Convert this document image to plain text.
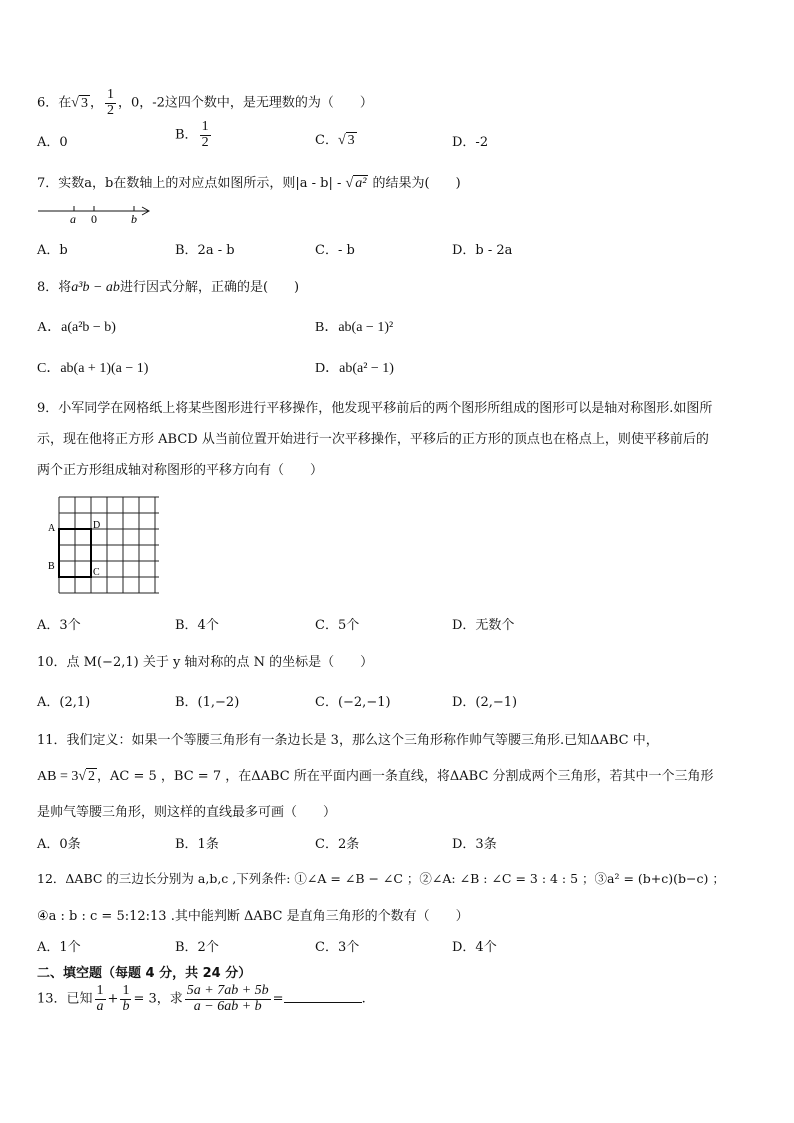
6．在√ 3 ， $\frac{1}{2}$ ，0，-2这四个数中，是无理数的为（　　）
A．0	B． $\frac{1}{2}$	C．√ 3	D．-2
7．实数a，b在数轴上的对应点如图所示，则|a - b| - √ a² 的结果为(　　)
a 0	b
A．b	B．2a - b	C．- b	D．b - 2a
8．将a³b − ab进行因式分解，正确的是(　　)
A．a(a²b − b)	B．ab(a − 1)²
C．ab(a + 1)(a − 1)	D．ab(a² − 1)
9．小军同学在网格纸上将某些图形进行平移操作，他发现平移前后的两个图形所组成的图形可以是轴对称图形.如图所
示，现在他将正方形 ABCD 从当前位置开始进行一次平移操作，平移后的正方形的顶点也在格点上，则使平移前后的
两个正方形组成轴对称图形的平移方向有（　　）
A	D
B
C
A．3个	B．4个	C．5个	D．无数个
10．点 M(−2,1) 关于 y 轴对称的点 N 的坐标是（　　）
A．(2,1)	B．(1,−2)	C．(−2,−1)	D．(2,−1)
11．我们定义：如果一个等腰三角形有一条边长是 3，那么这个三角形称作帅气等腰三角形.已知ΔABC 中，
AB = 3√ 2 ，AC = 5 ，BC = 7 ，在ΔABC 所在平面内画一条直线，将ΔABC 分割成两个三角形，若其中一个三角形
是帅气等腰三角形，则这样的直线最多可画（　　）
A．0条	B．1条	C．2条	D．3条
12．ΔABC 的三边长分别为 a,b,c ,下列条件: ①∠A = ∠B − ∠C ；②∠A: ∠B : ∠C = 3 : 4 : 5 ；③a² = (b+c)(b−c) ；
④a : b : c = 5:12:13 .其中能判断 ΔABC 是直角三角形的个数有（　　）
A．1个	B．2个	C．3个	D．4个
二、填空题（每题 4 分，共 24 分）
13．已知 $\frac{1}{a} + \frac{1}{b} = 3$，求 $\frac{5a + 7ab + 5b}{a - 6ab + b}$ =	.
